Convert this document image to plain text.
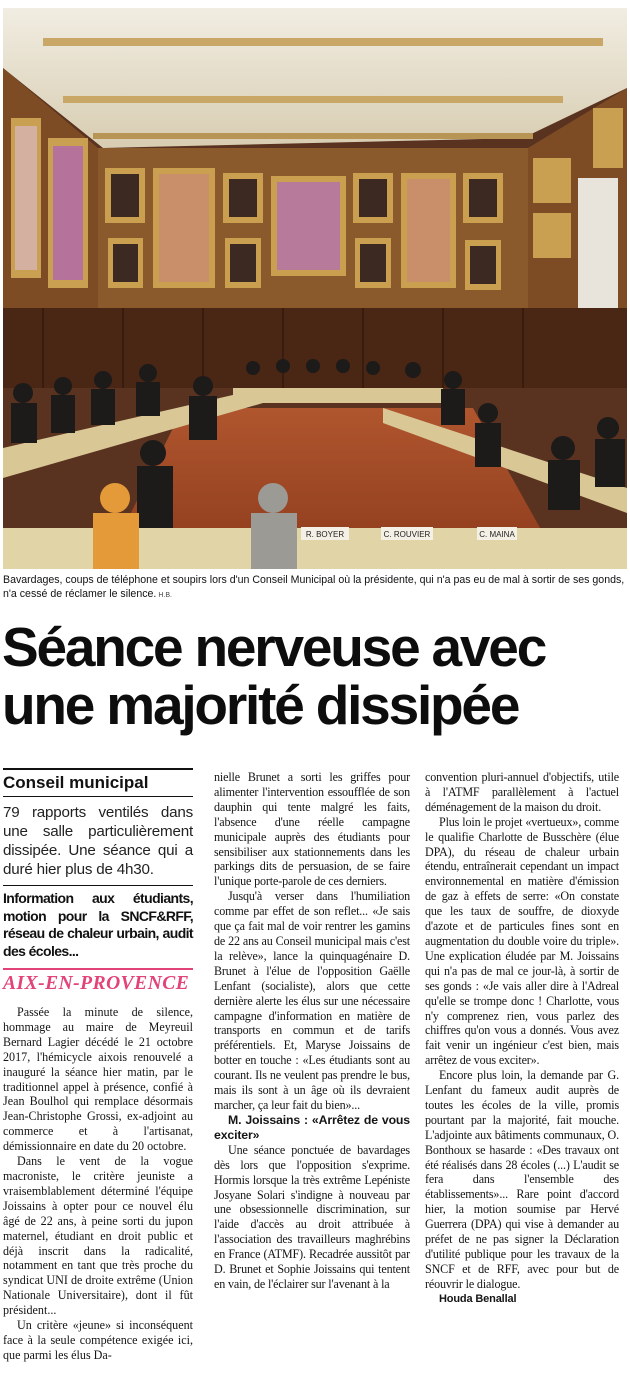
R. BOYER	C. ROUVIER	C. MAINA
Bavardages, coups de téléphone et soupirs lors d'un Conseil Municipal où la présidente, qui n'a pas eu de mal à sortir de ses gonds, n'a cessé de réclamer le silence. H.B.
Séance nerveuse avec
une majorité dissipée
Conseil municipal
79 rapports ventilés dans une salle particulièrement dissipée. Une séance qui a duré hier plus de 4h30.
Information aux étudiants, motion pour la SNCF&RFF, réseau de chaleur urbain, audit des écoles...
AIX-EN-PROVENCE

Passée la minute de silence, hommage au maire de Meyreuil Bernard Lagier décédé le 21 octobre 2017, l'hémicycle aixois renouvelé a inauguré la séance hier matin, par le traditionnel appel à présence, confié à Jean Boulhol qui remplace désormais Jean-Christophe Grossi, ex-adjoint au commerce et à l'artisanat, démissionnaire en date du 20 octobre.

Dans le vent de la vogue macroniste, le critère jeuniste a vraisemblablement déterminé l'équipe Joissains à opter pour ce nouvel élu âgé de 22 ans, à peine sorti du jupon maternel, étudiant en droit public et déjà inscrit dans la radicalité, notamment en tant que très proche du syndicat UNI de droite extrême (Union Nationale Universitaire), dont il fût président...

Un critère «jeune» si inconséquent face à la seule compétence exigée ici, que parmi les élus Da-

nielle Brunet a sorti les griffes pour alimenter l'intervention essoufflée de son dauphin qui tente malgré les faits, l'absence d'une réelle campagne municipale auprès des étudiants pour sensibiliser aux stationnements dans les parkings dits de persuasion, de se faire l'unique porte-parole de ces derniers.

Jusqu'à verser dans l'humiliation comme par effet de son reflet... «Je sais que ça fait mal de voir rentrer les gamins de 22 ans au Conseil municipal mais c'est la relève», lance la quinquagénaire D. Brunet à l'élue de l'opposition Gaëlle Lenfant (socialiste), alors que cette dernière alerte les élus sur une nécessaire campagne d'information en matière de transports en commun et de tarifs préférentiels. Et, Maryse Joissains de botter en touche : «Les étudiants sont au courant. Ils ne veulent pas prendre le bus, mais ils sont à un âge où ils devraient marcher, ça leur fait du bien»...

M. Joissains : «Arrêtez de vous exciter»

Une séance ponctuée de bavardages dès lors que l'opposition s'exprime. Hormis lorsque la très extrême Lepéniste Josyane Solari s'indigne à nouveau par une obsessionnelle discrimination, sur l'aide d'accès au droit attribuée à l'association des travailleurs maghrébins en France (ATMF). Recadrée aussitôt par D. Brunet et Sophie Joissains qui tentent en vain, de l'éclairer sur l'avenant à la

convention pluri-annuel d'objectifs, utile à l'ATMF parallèlement à l'actuel déménagement de la maison du droit.

Plus loin le projet «vertueux», comme le qualifie Charlotte de Busschère (élue DPA), du réseau de chaleur urbain étendu, entraînerait cependant un impact environnemental en matière d'émission de gaz à effets de serre: «On constate que les taux de souffre, de dioxyde d'azote et de particules fines sont en augmentation du double voire du triple». Une explication éludée par M. Joissains qui n'a pas de mal ce jour-là, à sortir de ses gonds : «Je vais aller dire à l'Adreal qu'elle se trompe donc ! Charlotte, vous n'y comprenez rien, vous parlez des chiffres qu'on vous a donnés. Vous avez fait venir un ingénieur c'est bien, mais arrêtez de vous exciter».

Encore plus loin, la demande par G. Lenfant du fameux audit auprès de toutes les écoles de la ville, promis pourtant par la majorité, fait mouche. L'adjointe aux bâtiments communaux, O. Bonthoux se hasarde : «Des travaux ont été réalisés dans 28 écoles (...) L'audit se fera dans l'ensemble des établissements»... Rare point d'accord hier, la motion soumise par Hervé Guerrera (DPA) qui vise à demander au préfet de ne pas signer la Déclaration d'utilité publique pour les travaux de la SNCF et de RFF, avec pour but de réouvrir le dialogue.

Houda Benallal
